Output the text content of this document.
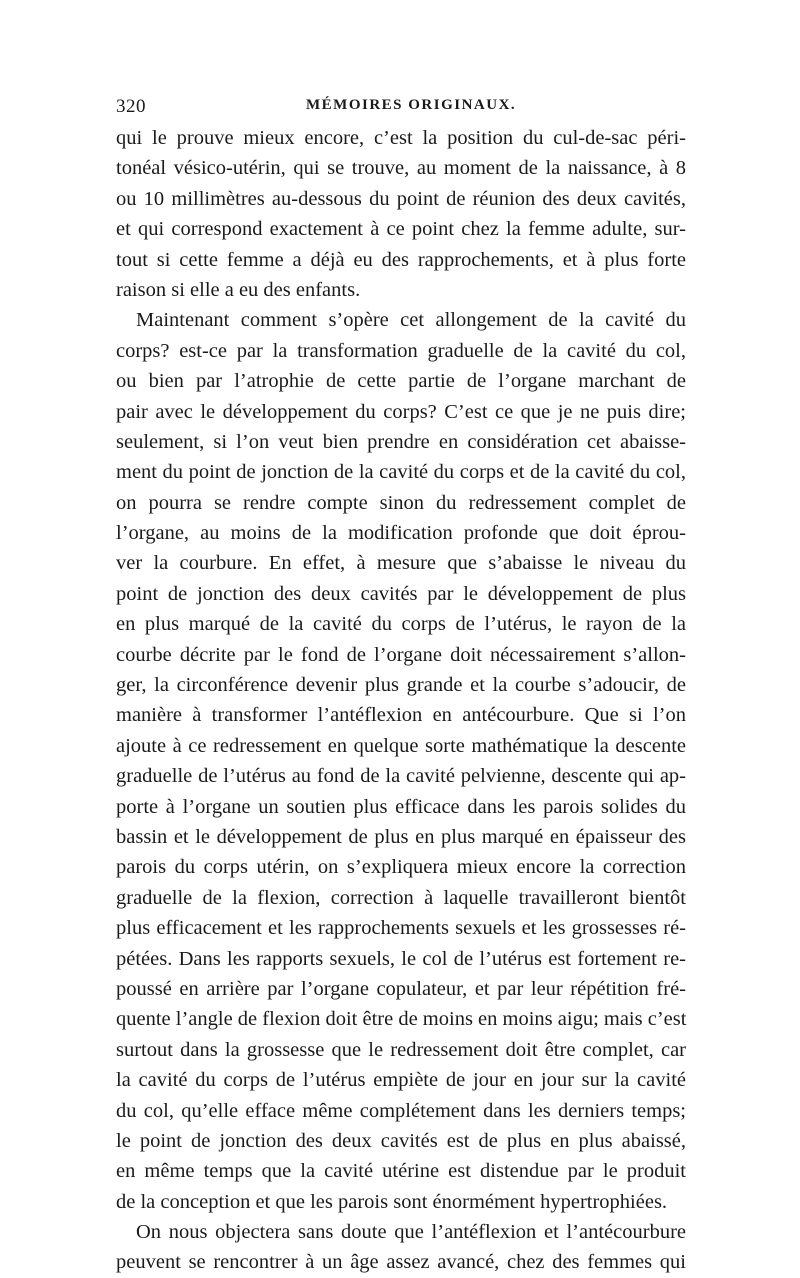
320	MÉMOIRES ORIGINAUX.
qui le prouve mieux encore, c’est la position du cul-de-sac péri-
tonéal vésico-utérin, qui se trouve, au moment de la naissance, à 8
ou 10 millimètres au-dessous du point de réunion des deux cavités,
et qui correspond exactement à ce point chez la femme adulte, sur-
tout si cette femme a déjà eu des rapprochements, et à plus forte
raison si elle a eu des enfants.
Maintenant comment s’opère cet allongement de la cavité du
corps? est-ce par la transformation graduelle de la cavité du col,
ou bien par l’atrophie de cette partie de l’organe marchant de
pair avec le développement du corps? C’est ce que je ne puis dire;
seulement, si l’on veut bien prendre en considération cet abaisse-
ment du point de jonction de la cavité du corps et de la cavité du col,
on pourra se rendre compte sinon du redressement complet de
l’organe, au moins de la modification profonde que doit éprou-
ver la courbure. En effet, à mesure que s’abaisse le niveau du
point de jonction des deux cavités par le développement de plus
en plus marqué de la cavité du corps de l’utérus, le rayon de la
courbe décrite par le fond de l’organe doit nécessairement s’allon-
ger, la circonférence devenir plus grande et la courbe s’adoucir, de
manière à transformer l’antéflexion en antécourbure. Que si l’on
ajoute à ce redressement en quelque sorte mathématique la descente
graduelle de l’utérus au fond de la cavité pelvienne, descente qui ap-
porte à l’organe un soutien plus efficace dans les parois solides du
bassin et le développement de plus en plus marqué en épaisseur des
parois du corps utérin, on s’expliquera mieux encore la correction
graduelle de la flexion, correction à laquelle travailleront bientôt
plus efficacement et les rapprochements sexuels et les grossesses ré-
pétées. Dans les rapports sexuels, le col de l’utérus est fortement re-
poussé en arrière par l’organe copulateur, et par leur répétition fré-
quente l’angle de flexion doit être de moins en moins aigu; mais c’est
surtout dans la grossesse que le redressement doit être complet, car
la cavité du corps de l’utérus empiète de jour en jour sur la cavité
du col, qu’elle efface même complétement dans les derniers temps;
le point de jonction des deux cavités est de plus en plus abaissé,
en même temps que la cavité utérine est distendue par le produit
de la conception et que les parois sont énormément hypertrophiées.
On nous objectera sans doute que l’antéflexion et l’antécourbure
peuvent se rencontrer à un âge assez avancé, chez des femmes qui
